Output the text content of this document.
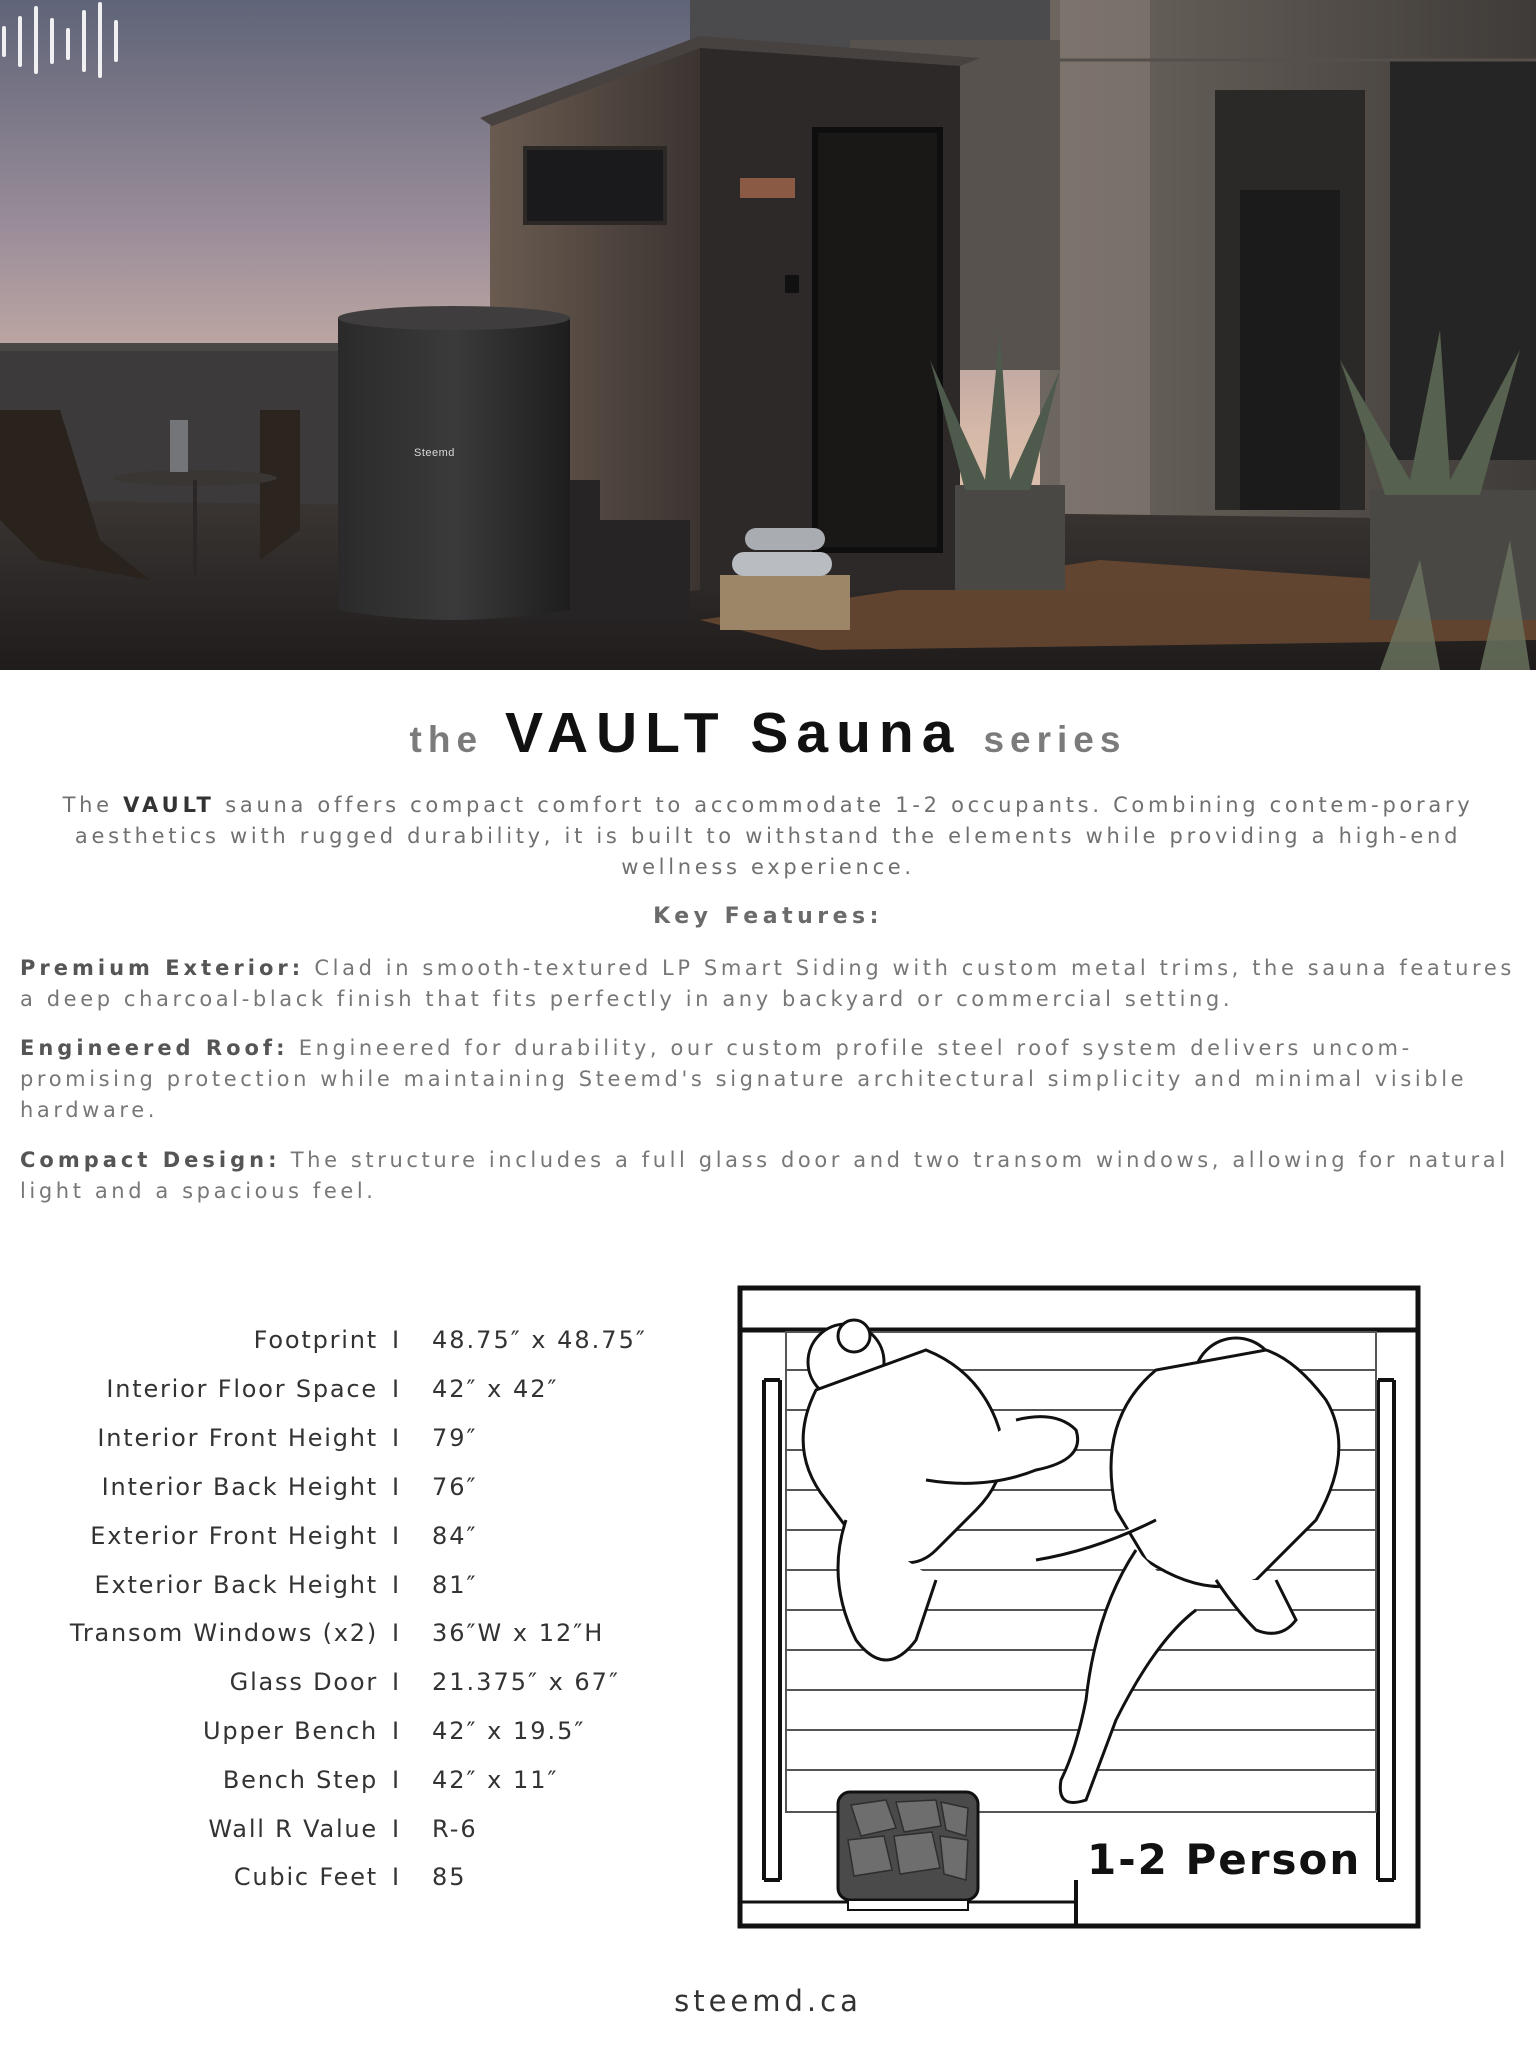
Steemd
the VAULT Sauna series
The VAULT sauna offers compact comfort to accommodate 1-2 occupants. Combining contem-porary aesthetics with rugged durability, it is built to withstand the elements while providing a high-end wellness experience.
Key Features:
Premium Exterior: Clad in smooth-textured LP Smart Siding with custom metal trims, the sauna features a deep charcoal-black finish that fits perfectly in any backyard or commercial setting.
Engineered Roof: Engineered for durability, our custom profile steel roof system delivers uncom-promising protection while maintaining Steemd's signature architectural simplicity and minimal visible hardware.
Compact Design: The structure includes a full glass door and two transom windows, allowing for natural light and a spacious feel.
Footprint I 48.75″ x 48.75″
Interior Floor Space I 42″ x 42″
Interior Front Height I 79″
Interior Back Height I 76″
Exterior Front Height I 84″
Exterior Back Height I 81″
Transom Windows (x2) I 36″W x 12″H
Glass Door I 21.375″ x 67″
Upper Bench I 42″ x 19.5″
Bench Step I 42″ x 11″
Wall R Value I R-6
Cubic Feet I 85	1-2 Person
steemd.ca
